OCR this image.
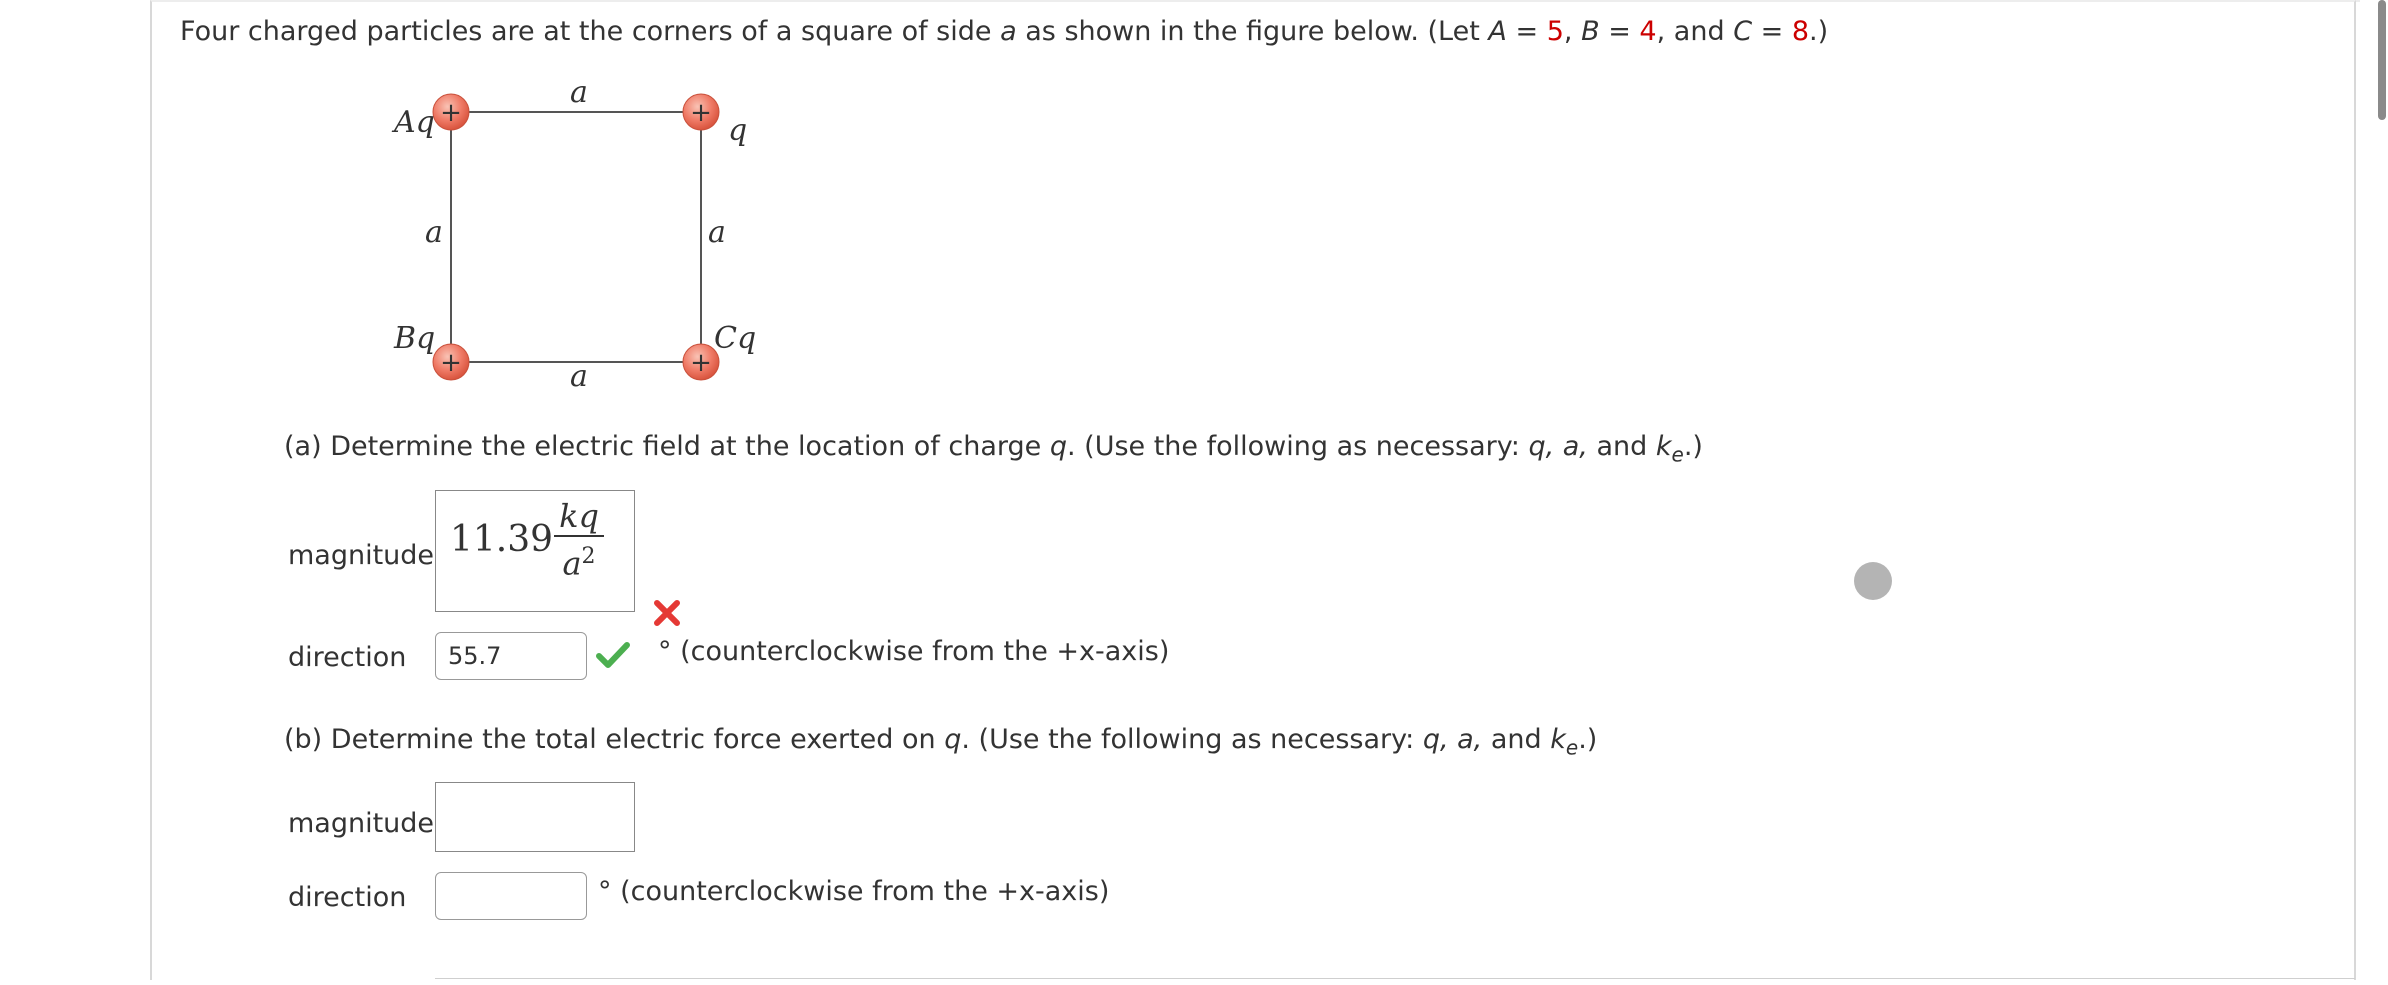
Four charged particles are at the corners of a square of side a as shown in the figure below. (Let A = 5, B = 4, and C = 8.)
+	+
+	+
Aq	q
Bq	Cq
a
a
a	a
(a) Determine the electric field at the location of charge q. (Use the following as necessary: q, a, and $k_e$.)
magnitude $11.39 \frac{kq}{a^2}$
direction
55.7	° (counterclockwise from the +x-axis)
(b) Determine the total electric force exerted on q. (Use the following as necessary: q, a, and $k_e$.)
magnitude
direction	° (counterclockwise from the +x-axis)
